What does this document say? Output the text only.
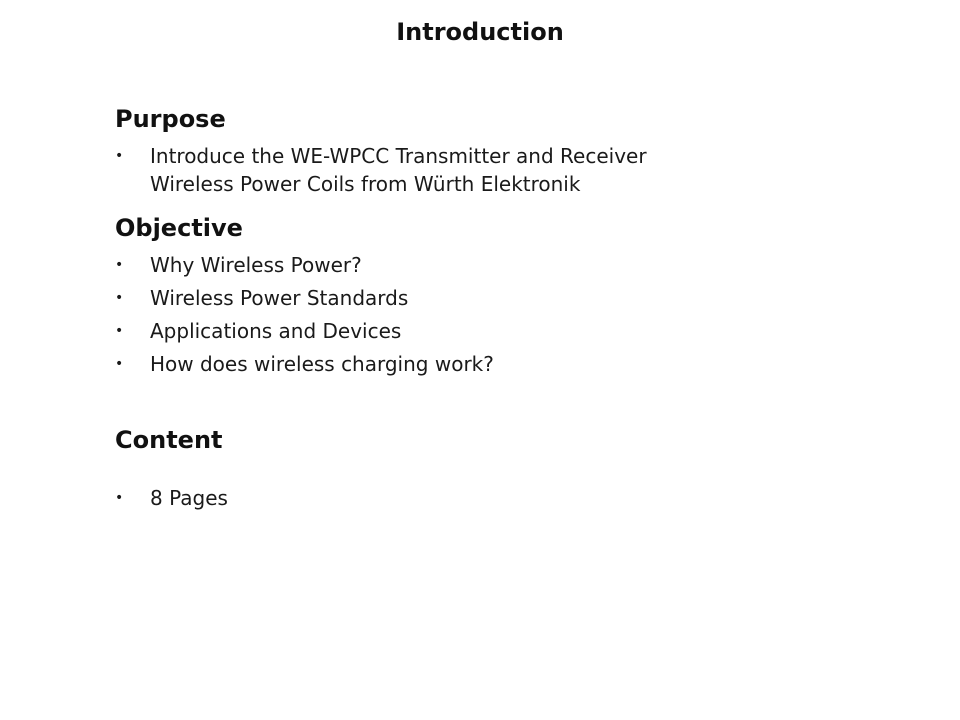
Introduction
Purpose
• Introduce the WE-WPCC Transmitter and Receiver
Wireless Power Coils from Würth Elektronik
Objective
• Why Wireless Power?
• Wireless Power Standards
• Applications and Devices
• How does wireless charging work?
Content
• 8 Pages
